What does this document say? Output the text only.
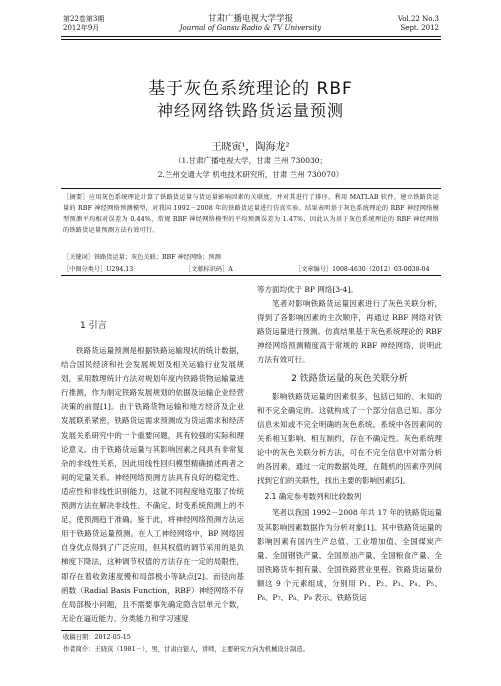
第22卷第3期
2012年9月
甘肃广播电视大学学报
Journal of Gansu Radio & TV University
Vol.22 No.3
Sept. 2012
基于灰色系统理论的 RBF
神经网络铁路货运量预测
王晓寅¹，陶海龙²
（1.甘肃广播电视大学，甘肃 兰州 730030；
2.兰州交通大学 机电技术研究所，甘肃 兰州 730070）
［摘要］应用灰色系统理论计算了铁路货运量与货运量影响因素的关联度，并对其进行了排序。利用 MATLAB 软件，建立铁路货运量的 RBF 神经网络预测模型，对我国 1992－2008 年的铁路货运量进行仿真实验。结果表明基于灰色系统理论的 RBF 神经网络模型预测平均相对误差为 0.44%，常规 RBF 神经网络模型的平均预测误差为 1.47%，因此认为基于灰色系统理论的 RBF 神经网络的铁路货运量预测方法有效可行。
［关键词］铁路货运量；灰色关联；RBF 神经网络；预测
［中图分类号］U294.13	［文献标识码］A	［文章编号］1008-4630（2012）03-0038-04
1 引言

铁路货运量预测是根据铁路运输现状的统计数据，结合国民经济和社会发展规划及相关运输行业发展规划，采用数理统计方法对规划年度内铁路货物运输量进行推测，作为制定铁路发展规划的依据及运输企业经营决策的前提[1]。由于铁路货物运输和地方经济及企业发展联系紧密，铁路货运需求预测成为货运需求和经济发展关系研究中的一个重要问题，具有较强的实际和理论意义。由于铁路货运量与其影响因素之间具有非常复杂的非线性关系，因此用线性回归模型精确描述两者之间的定量关系。神经网络预测方法具有良好的稳定性、适应性和非线性识别能力，这就不同程度地克服了传统预测方法在解决非线性、不确定、时变系统预测上的不足，使预测趋于准确。鉴于此，将神经网络预测方法运用于铁路货运量预测。在人工神经网络中，BP 网络因自身优点得到了广泛应用，但其权值的调节采用的是负梯度下降法，这种调节权值的方法存在一定的局限性，即存在着收敛速度慢和局部极小等缺点[2]。而径向基函数（Radial Basis Function，RBF）神经网络不存在局部极小问题，且不需要事先确定隐含层单元个数，无论在逼近能力、分类能力和学习速度

等方面均优于 BP 网络[3-4]。

笔者对影响铁路货运量因素进行了灰色关联分析，得到了各影响因素的主次顺序，再通过 RBF 网络对铁路货运量进行预测。仿真结果基于灰色系统理论的 RBF 神经网络预测精度高于常规的 RBF 神经网络，说明此方法有效可行。

2 铁路货运量的灰色关联分析

影响铁路货运量的因素很多，包括已知的、未知的和不完全确定的。这就构成了一个部分信息已知、部分信息未知或不完全明确的灰色系统。系统中各因素间的关系相互影响、相互制约，存在不确定性。灰色系统理论中的灰色关联分析方法，可在不完全信息中对需分析的各因素，通过一定的数据处理，在随机的因素序列间找到它们的关联性，找出主要的影响因素[5]。

2.1 确定参考数列和比较数列

笔者以我国 1992－2008 年共 17 年的铁路货运量及其影响因素数据作为分析对象[1]。其中铁路货运量的影响因素有国内生产总值、工业增加值、全国煤炭产量、全国钢铁产量、全国原油产量、全国粮食产量、全国铁路货车拥有量、全国铁路营业里程、铁路货运量份额这 9 个元素组成，分别用 P₁、P₂、P₃、P₄、P₅、P₆、P₇、P₈、P₉ 表示。铁路货运

收稿日期：2012-05-15
作者简介：王晓寅（1981－），男，甘肃白银人，讲师，主要研究方向为机械设计制造。
